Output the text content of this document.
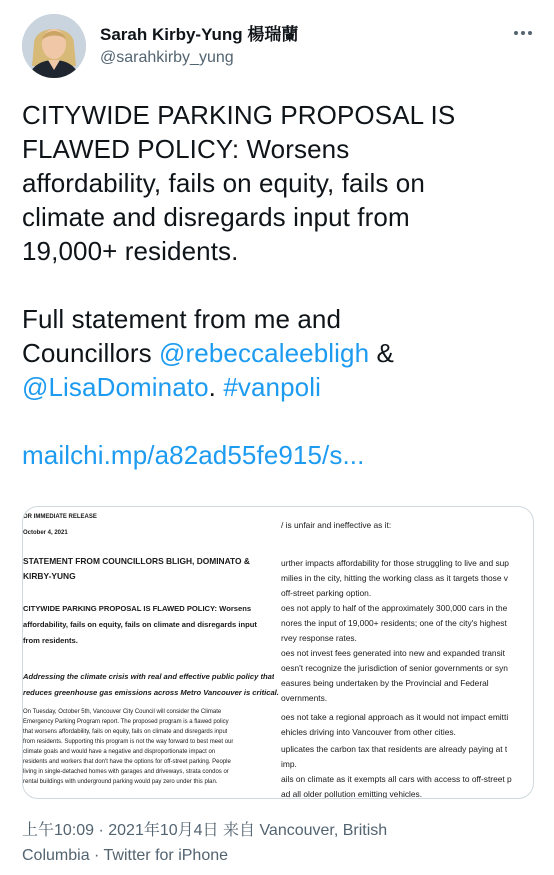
Sarah Kirby-Yung 楊瑞蘭
@sarahkirby_yung

CITYWIDE PARKING PROPOSAL IS

FLAWED POLICY: Worsens

affordability, fails on equity, fails on

climate and disregards input from

19,000+ residents.

Full statement from me and

Councillors @rebeccaleebligh &

@LisaDominato. #vanpoli

mailchi.mp/a82ad55fe915/s...

OR IMMEDIATE RELEASE
October 4, 2021
STATEMENT FROM COUNCILLORS BLIGH, DOMINATO &
KIRBY-YUNG
CITYWIDE PARKING PROPOSAL IS FLAWED POLICY: Worsens
affordability, fails on equity, fails on climate and disregards input
from residents.
Addressing the climate crisis with real and effective public policy that
reduces greenhouse gas emissions across Metro Vancouver is critical.
On Tuesday, October 5th, Vancouver City Council will consider the Climate
Emergency Parking Program report. The proposed program is a flawed policy
that worsens affordability, fails on equity, fails on climate and disregards input
from residents. Supporting this program is not the way forward to best meet our
climate goals and would have a negative and disproportionate impact on
residents and workers that don't have the options for off-street parking. People
living in single-detached homes with garages and driveways, strata condos or
rental buildings with underground parking would pay zero under this plan.
/ is unfair and ineffective as it:
urther impacts affordability for those struggling to live and sup
milies in the city, hitting the working class as it targets those v
off-street parking option.
oes not apply to half of the approximately 300,000 cars in the
nores the input of 19,000+ residents; one of the city's highest
rvey response rates.
oes not invest fees generated into new and expanded transit
oesn't recognize the jurisdiction of senior governments or syn
easures being undertaken by the Provincial and Federal
overnments.
oes not take a regional approach as it would not impact emitti
ehicles driving into Vancouver from other cities.
uplicates the carbon tax that residents are already paying at t
imp.
ails on climate as it exempts all cars with access to off-street p
ad all older pollution emitting vehicles.
上午10:09 · 2021年10月4日 来自 Vancouver, British
Columbia · Twitter for iPhone
